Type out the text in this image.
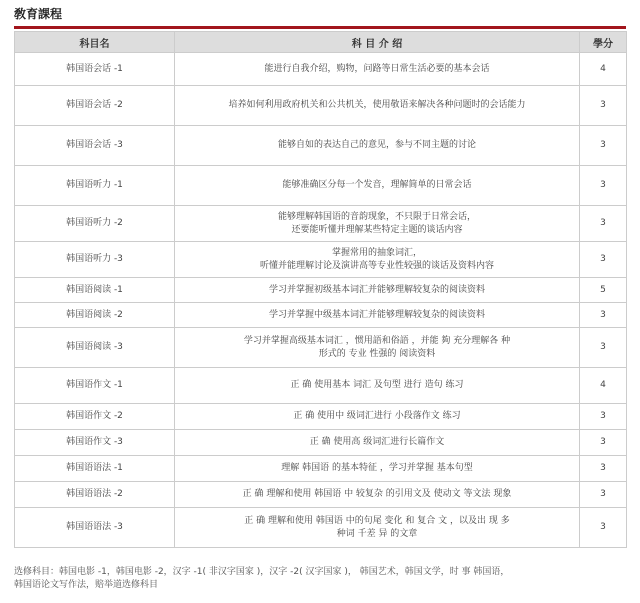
敎育課程
科目名	科 目 介 绍	學分
韩国语会话 -1	能进行自我介绍，购物，问路等日常生活必要的基本会话	4
韩国语会话 -2	培养如何利用政府机关和公共机关，使用敬语来解决各种问题时的会话能力	3
韩国语会话 -3	能够自如的表达自己的意见，参与不同主题的讨论	3
韩国语听力 -1	能够准确区分每一个发音，理解简单的日常会话	3
韩国语听力 -2	能够理解韩国语的音韵现象，不只限于日常会话，
还要能听懂并理解某些特定主题的谈话内容	3
韩国语听力 -3	掌握常用的抽象词汇，
听懂并能理解讨论及演讲高等专业性较强的谈话及资料内容	3
韩国语阅读 -1	学习并掌握初级基本词汇并能够理解较复杂的阅读资料	5
韩国语阅读 -2	学习并掌握中级基本词汇并能够理解较复杂的阅读资料	3
韩国语阅读 -3	学习并掌握高级基本词汇 ，惯用語和俗語 ，并能 夠 充分理解各 种
形式的 专业 性强的 阅读资料	3
韩国语作文 -1	正 确 使用基本 词汇 及句型 进行 造句 练习	4
韩国语作文 -2	正 确 使用中 级词汇进行 小段落作文 练习	3
韩国语作文 -3	正 确 使用高 级词汇进行长篇作文	3
韩国语语法 -1	理解 韩国语 的基本特征 ，学习并掌握 基本句型	3
韩国语语法 -2	正 确 理解和使用 韩国语 中 较复杂 的引用文及 使动文 等文法 现象	3
韩国语语法 -3	正 确 理解和使用 韩国语 中的句尾 变化 和 复合 文 ，以及出 现 多
种词 千差 异 的文章	3
选修科目：韩国电影 -1，韩国电影 -2，汉字 -1( 非汉字国家 )，汉字 -2( 汉字国家 )， 韩国艺术，韩国文学，时 事 韩国语，
韩国语论文写作法，赔举道选修科目
